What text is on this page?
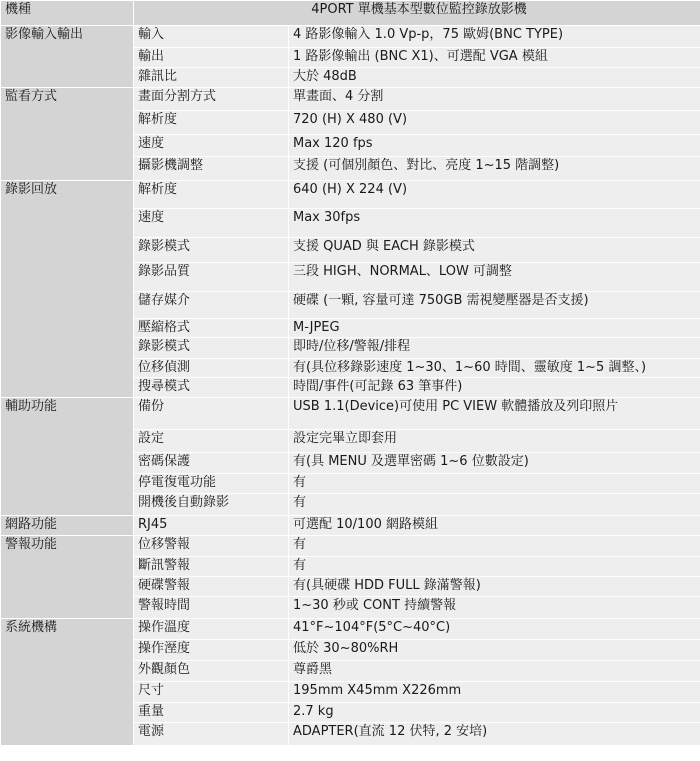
機種	4PORT 單機基本型數位監控錄放影機	
影像輸入輸出	輸入	4 路影像輸入 1.0 Vp-p，75 歐姆(BNC TYPE)
	輸出	1 路影像輸出 (BNC X1)、可選配 VGA 模組
	雜訊比	大於 48dB
監看方式	畫面分割方式	單畫面、4 分割
	解析度	720 (H) X 480 (V)
	速度	Max 120 fps
	攝影機調整	支援 (可個別顏色、對比、亮度 1~15 階調整)
錄影回放	解析度	640 (H) X 224 (V)
	速度	Max 30fps
	錄影模式	支援 QUAD 與 EACH 錄影模式
	錄影品質	三段 HIGH、NORMAL、LOW 可調整
	儲存媒介	硬碟 (一顆, 容量可達 750GB 需視變壓器是否支援)
	壓縮格式	M-JPEG
	錄影模式	即時/位移/警報/排程
	位移偵測	有(具位移錄影速度 1~30、1~60 時間、靈敏度 1~5 調整、)
	搜尋模式	時間/事件(可記錄 63 筆事件)
輔助功能	備份	USB 1.1(Device)可使用 PC VIEW 軟體播放及列印照片
	設定	設定完畢立即套用
	密碼保護	有(具 MENU 及選單密碼 1~6 位數設定)
	停電復電功能	有
	開機後自動錄影	有
網路功能	RJ45	可選配 10/100 網路模組
警報功能	位移警報	有
	斷訊警報	有
	硬碟警報	有(具硬碟 HDD FULL 錄滿警報)
	警報時間	1~30 秒或 CONT 持續警報
系統機構	操作溫度	41°F~104°F(5°C~40°C)
	操作溼度	低於 30~80%RH
	外觀顏色	尊爵黑
	尺寸	195mm X45mm X226mm
	重量	2.7 kg
	電源	ADAPTER(直流 12 伏特, 2 安培)
